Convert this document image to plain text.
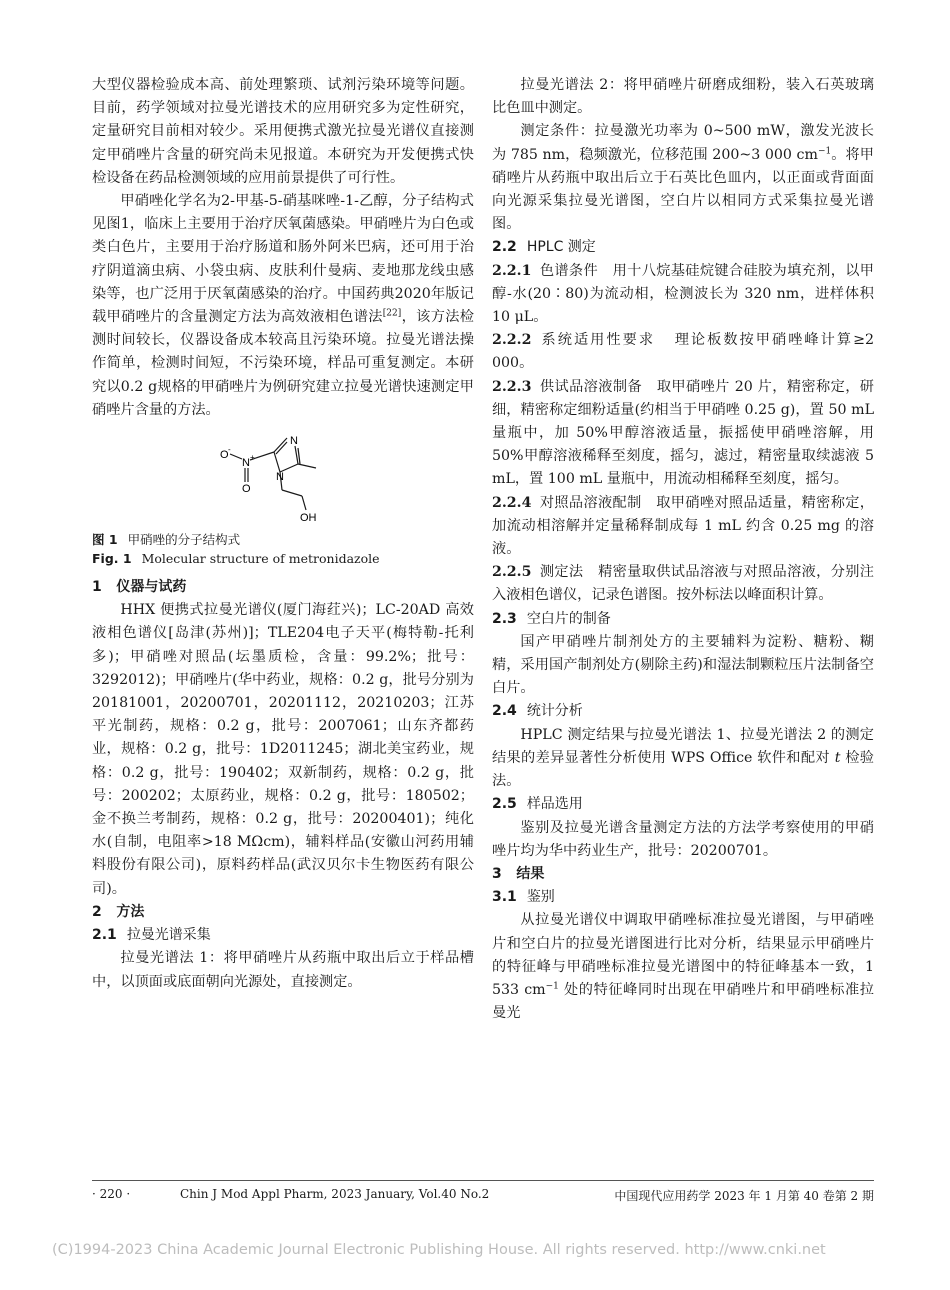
大型仪器检验成本高、前处理繁琐、试剂污染环境等问题。目前，药学领域对拉曼光谱技术的应用研究多为定性研究，定量研究目前相对较少。采用便携式激光拉曼光谱仪直接测定甲硝唑片含量的研究尚未见报道。本研究为开发便携式快检设备在药品检测领域的应用前景提供了可行性。

甲硝唑化学名为2-甲基-5-硝基咪唑-1-乙醇，分子结构式见图1，临床上主要用于治疗厌氧菌感染。甲硝唑片为白色或类白色片，主要用于治疗肠道和肠外阿米巴病，还可用于治疗阴道滴虫病、小袋虫病、皮肤利什曼病、麦地那龙线虫感染等，也广泛用于厌氧菌感染的治疗。中国药典2020年版记载甲硝唑片的含量测定方法为高效液相色谱法[22]，该方法检测时间较长，仪器设备成本较高且污染环境。拉曼光谱法操作简单，检测时间短，不污染环境，样品可重复测定。本研究以0.2 g规格的甲硝唑片为例研究建立拉曼光谱快速测定甲硝唑片含量的方法。

N
N
O -
N +
O
OH

图 1 甲硝唑的分子结构式

Fig. 1 Molecular structure of metronidazole

1 仪器与试药

HHX 便携式拉曼光谱仪(厦门海荭兴)；LC-20AD 高效液相色谱仪[岛津(苏州)]；TLE204电子天平(梅特勒-托利多)；甲硝唑对照品(坛墨质检，含量：99.2%；批号：3292012)；甲硝唑片(华中药业，规格：0.2 g，批号分别为 20181001，20200701，20201112，20210203；江苏平光制药，规格：0.2 g，批号：2007061；山东齐都药业，规格：0.2 g，批号：1D2011245；湖北美宝药业，规格：0.2 g，批号：190402；双新制药，规格：0.2 g，批号：200202；太原药业，规格：0.2 g，批号：180502；金不换兰考制药，规格：0.2 g，批号：20200401)；纯化水(自制，电阻率>18 MΩcm)，辅料样品(安徽山河药用辅料股份有限公司)，原料药样品(武汉贝尔卡生物医药有限公司)。

2 方法

2.1 拉曼光谱采集

拉曼光谱法 1：将甲硝唑片从药瓶中取出后立于样品槽中，以顶面或底面朝向光源处，直接测定。

拉曼光谱法 2：将甲硝唑片研磨成细粉，装入石英玻璃比色皿中测定。

测定条件：拉曼激光功率为 0~500 mW，激发光波长为 785 nm，稳频激光，位移范围 200~3 000 $cm^{-1}$。将甲硝唑片从药瓶中取出后立于石英比色皿内，以正面或背面面向光源采集拉曼光谱图，空白片以相同方式采集拉曼光谱图。

2.2 HPLC 测定

2.2.1 色谱条件 用十八烷基硅烷键合硅胶为填充剂，以甲醇-水(20∶80)为流动相，检测波长为 320 nm，进样体积 10 μL。

2.2.2 系统适用性要求 理论板数按甲硝唑峰计算≥2 000。

2.2.3 供试品溶液制备 取甲硝唑片 20 片，精密称定，研细，精密称定细粉适量(约相当于甲硝唑 0.25 g)，置 50 mL 量瓶中，加 50%甲醇溶液适量，振摇使甲硝唑溶解，用 50%甲醇溶液稀释至刻度，摇匀，滤过，精密量取续滤液 5 mL，置 100 mL 量瓶中，用流动相稀释至刻度，摇匀。

2.2.4 对照品溶液配制 取甲硝唑对照品适量，精密称定，加流动相溶解并定量稀释制成每 1 mL 约含 0.25 mg 的溶液。

2.2.5 测定法 精密量取供试品溶液与对照品溶液，分别注入液相色谱仪，记录色谱图。按外标法以峰面积计算。

2.3 空白片的制备

国产甲硝唑片制剂处方的主要辅料为淀粉、糖粉、糊精，采用国产制剂处方(剔除主药)和湿法制颗粒压片法制备空白片。

2.4 统计分析

HPLC 测定结果与拉曼光谱法 1、拉曼光谱法 2 的测定结果的差异显著性分析使用 WPS Office 软件和配对 t 检验法。

2.5 样品选用

鉴别及拉曼光谱含量测定方法的方法学考察使用的甲硝唑片均为华中药业生产，批号：20200701。

3 结果

3.1 鉴别

从拉曼光谱仪中调取甲硝唑标准拉曼光谱图，与甲硝唑片和空白片的拉曼光谱图进行比对分析，结果显示甲硝唑片的特征峰与甲硝唑标准拉曼光谱图中的特征峰基本一致，1 533 $cm^{-1}$ 处的特征峰同时出现在甲硝唑片和甲硝唑标准拉曼光

· 220 ·	Chin J Mod Appl Pharm, 2023 January, Vol.40 No.2	中国现代应用药学 2023 年 1 月第 40 卷第 2 期
(C)1994-2023 China Academic Journal Electronic Publishing House. All rights reserved. http://www.cnki.net
